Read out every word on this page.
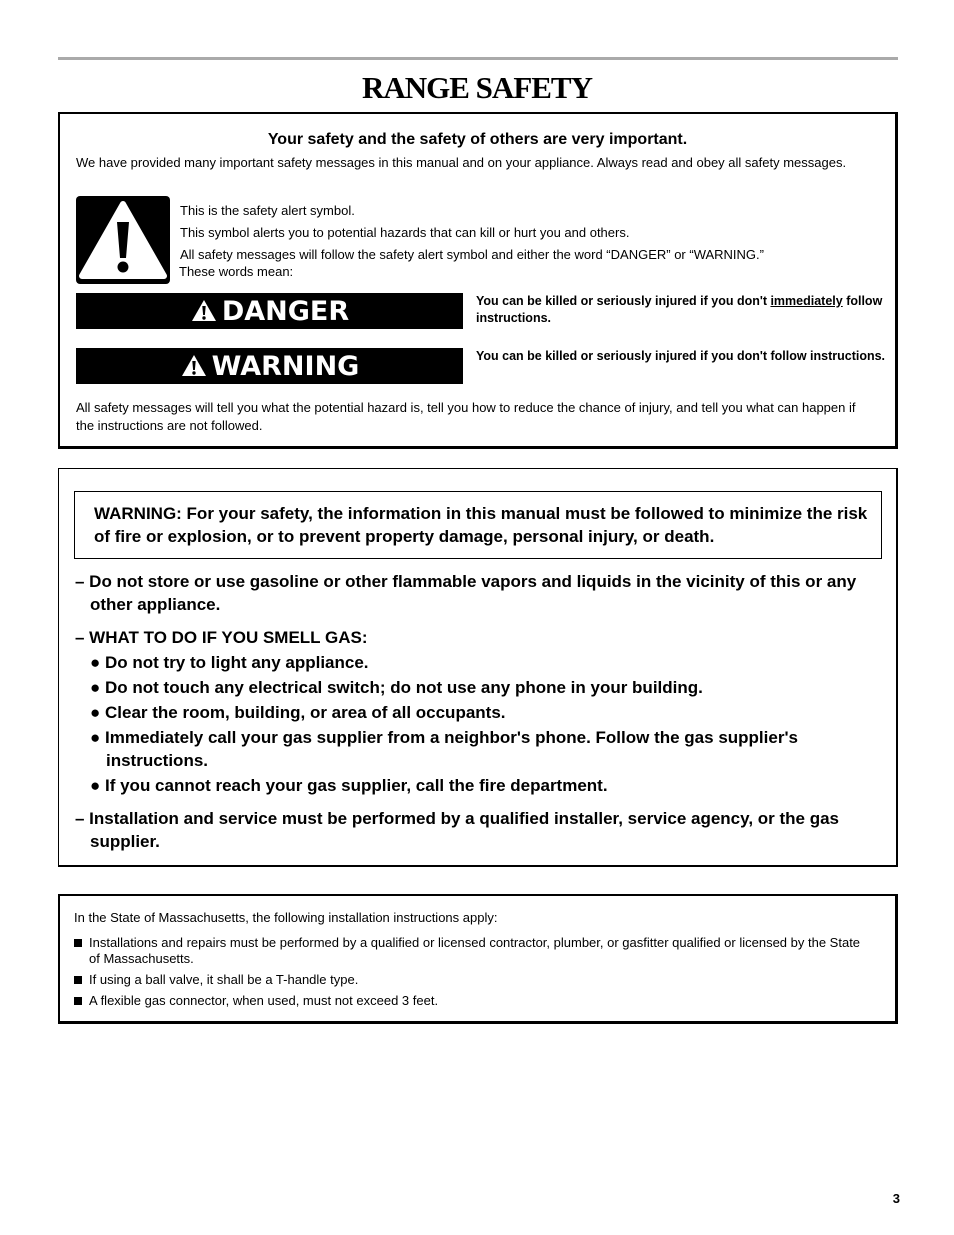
RANGE SAFETY
Your safety and the safety of others are very important.
We have provided many important safety messages in this manual and on your appliance. Always read and obey all safety messages.
This is the safety alert symbol.
This symbol alerts you to potential hazards that can kill or hurt you and others.
All safety messages will follow the safety alert symbol and either the word “DANGER” or “WARNING.”
These words mean:
DANGER	You can be killed or seriously injured if you don't immediately follow instructions.
WARNING	You can be killed or seriously injured if you don't follow instructions.
All safety messages will tell you what the potential hazard is, tell you how to reduce the chance of injury, and tell you what can happen if the instructions are not followed.
WARNING: For your safety, the information in this manual must be followed to minimize the risk of fire or explosion, or to prevent property damage, personal injury, or death.
– Do not store or use gasoline or other flammable vapors and liquids in the vicinity of this or any other appliance.
– WHAT TO DO IF YOU SMELL GAS:
● Do not try to light any appliance.
● Do not touch any electrical switch; do not use any phone in your building.
● Clear the room, building, or area of all occupants.
● Immediately call your gas supplier from a neighbor's phone. Follow the gas supplier's instructions.
● If you cannot reach your gas supplier, call the fire department.
– Installation and service must be performed by a qualified installer, service agency, or the gas supplier.
In the State of Massachusetts, the following installation instructions apply:
Installations and repairs must be performed by a qualified or licensed contractor, plumber, or gasfitter qualified or licensed by the State of Massachusetts.
If using a ball valve, it shall be a T-handle type.
A flexible gas connector, when used, must not exceed 3 feet.
3
